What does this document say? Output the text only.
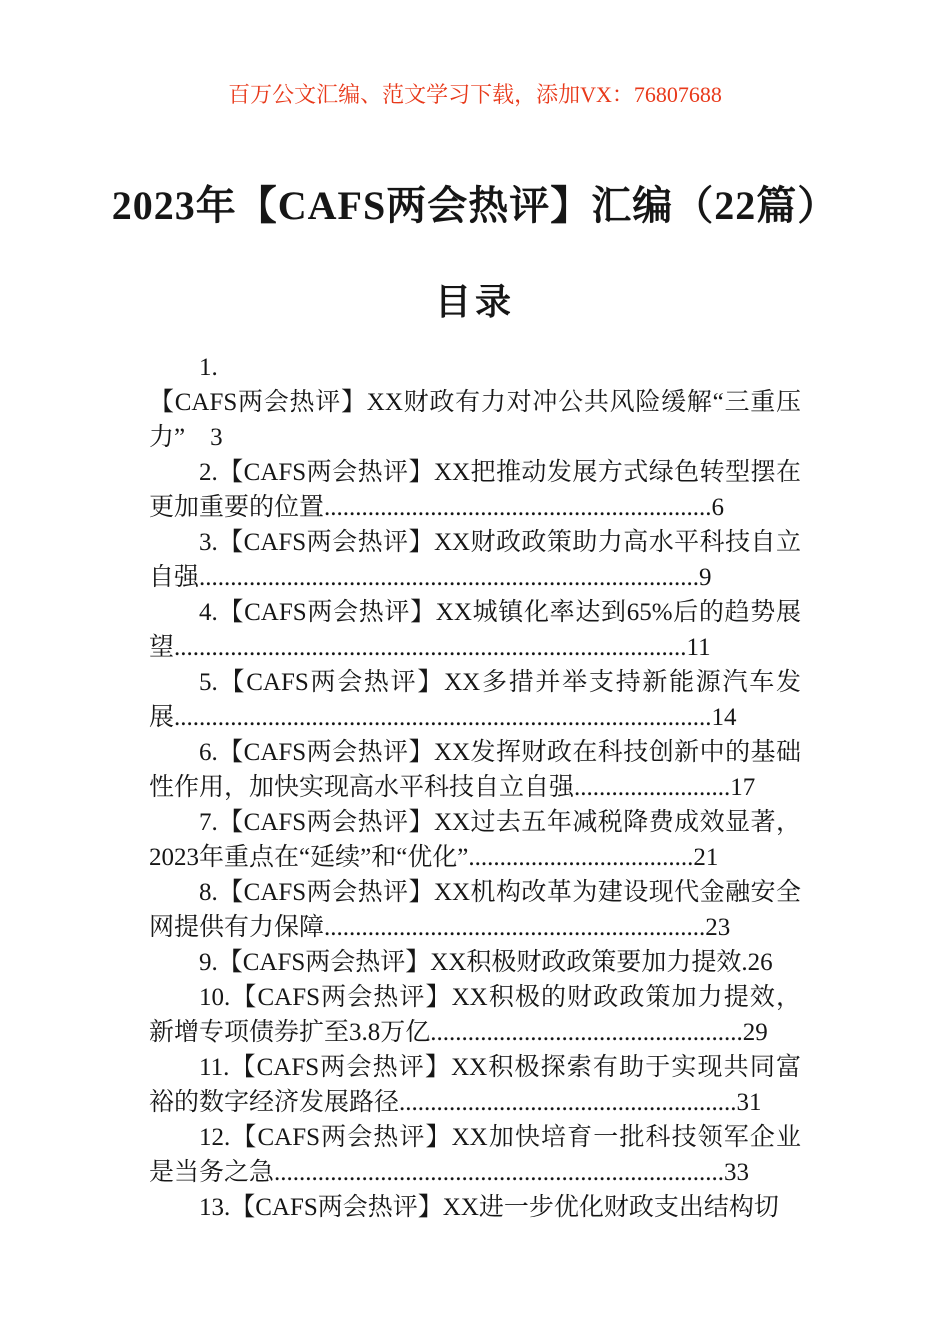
百万公文汇编、范文学习下载，添加VX：76807688
2023年【CAFS两会热评】汇编（22篇）
目录

1.

【CAFS两会热评】XX财政有力对冲公共风险缓解“三重压力”　3

2.【CAFS两会热评】XX把推动发展方式绿色转型摆在更加重要的位置..............................................................6

3.【CAFS两会热评】XX财政政策助力高水平科技自立自强................................................................................9

4.【CAFS两会热评】XX城镇化率达到65%后的趋势展望..................................................................................11

5.【CAFS两会热评】XX多措并举支持新能源汽车发展......................................................................................14

6.【CAFS两会热评】XX发挥财政在科技创新中的基础性作用，加快实现高水平科技自立自强.........................17

7.【CAFS两会热评】XX过去五年减税降费成效显著，2023年重点在“延续”和“优化”....................................21

8.【CAFS两会热评】XX机构改革为建设现代金融安全网提供有力保障.............................................................23

9.【CAFS两会热评】XX积极财政政策要加力提效.26

10.【CAFS两会热评】XX积极的财政政策加力提效，新增专项债券扩至3.8万亿..................................................29

11.【CAFS两会热评】XX积极探索有助于实现共同富裕的数字经济发展路径......................................................31

12.【CAFS两会热评】XX加快培育一批科技领军企业是当务之急........................................................................33

13.【CAFS两会热评】XX进一步优化财政支出结构切
